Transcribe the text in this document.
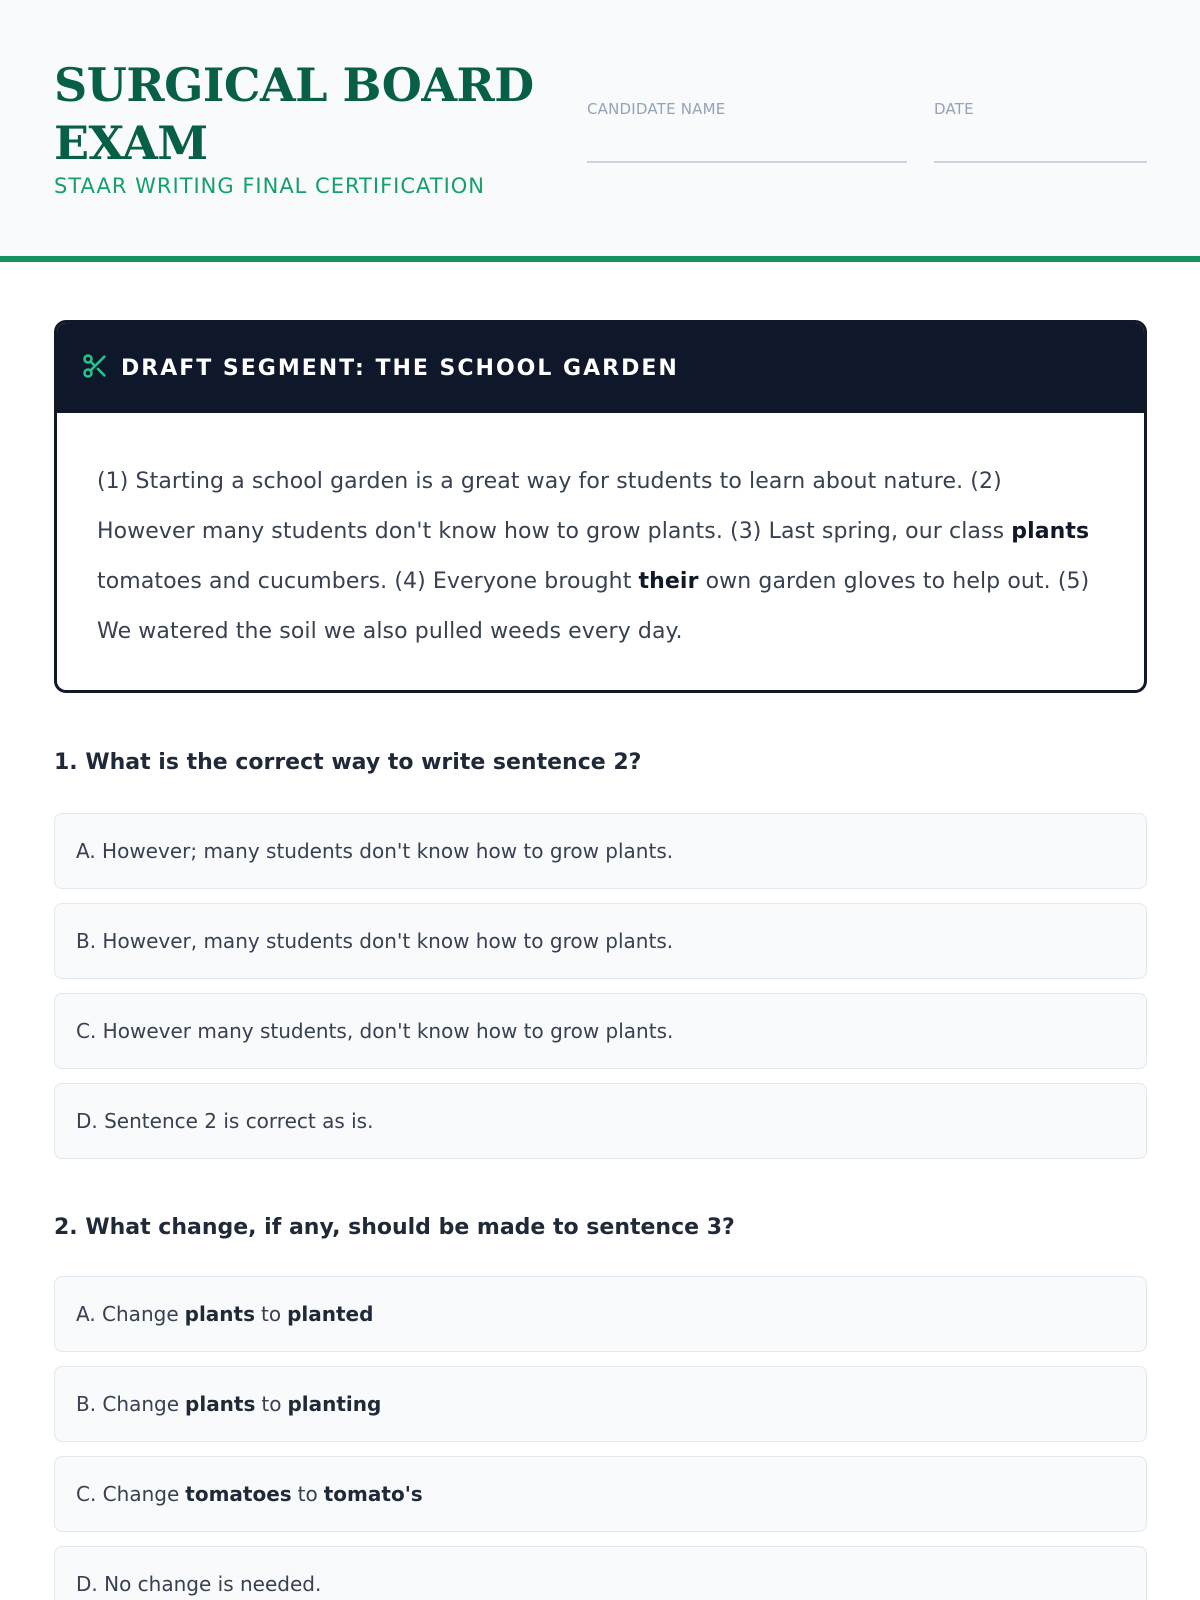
SURGICAL BOARD EXAM
STAAR WRITING FINAL CERTIFICATION
CANDIDATE NAME	DATE
DRAFT SEGMENT: THE SCHOOL GARDEN
(1) Starting a school garden is a great way for students to learn about nature. (2) However many students don't know how to grow plants. (3) Last spring, our class plants tomatoes and cucumbers. (4) Everyone brought their own garden gloves to help out. (5) We watered the soil we also pulled weeds every day.
1. What is the correct way to write sentence 2?
A. However; many students don't know how to grow plants.
B. However, many students don't know how to grow plants.
C. However many students, don't know how to grow plants.
D. Sentence 2 is correct as is.
2. What change, if any, should be made to sentence 3?
A. Change plants to planted
B. Change plants to planting
C. Change tomatoes to tomato's
D. No change is needed.
